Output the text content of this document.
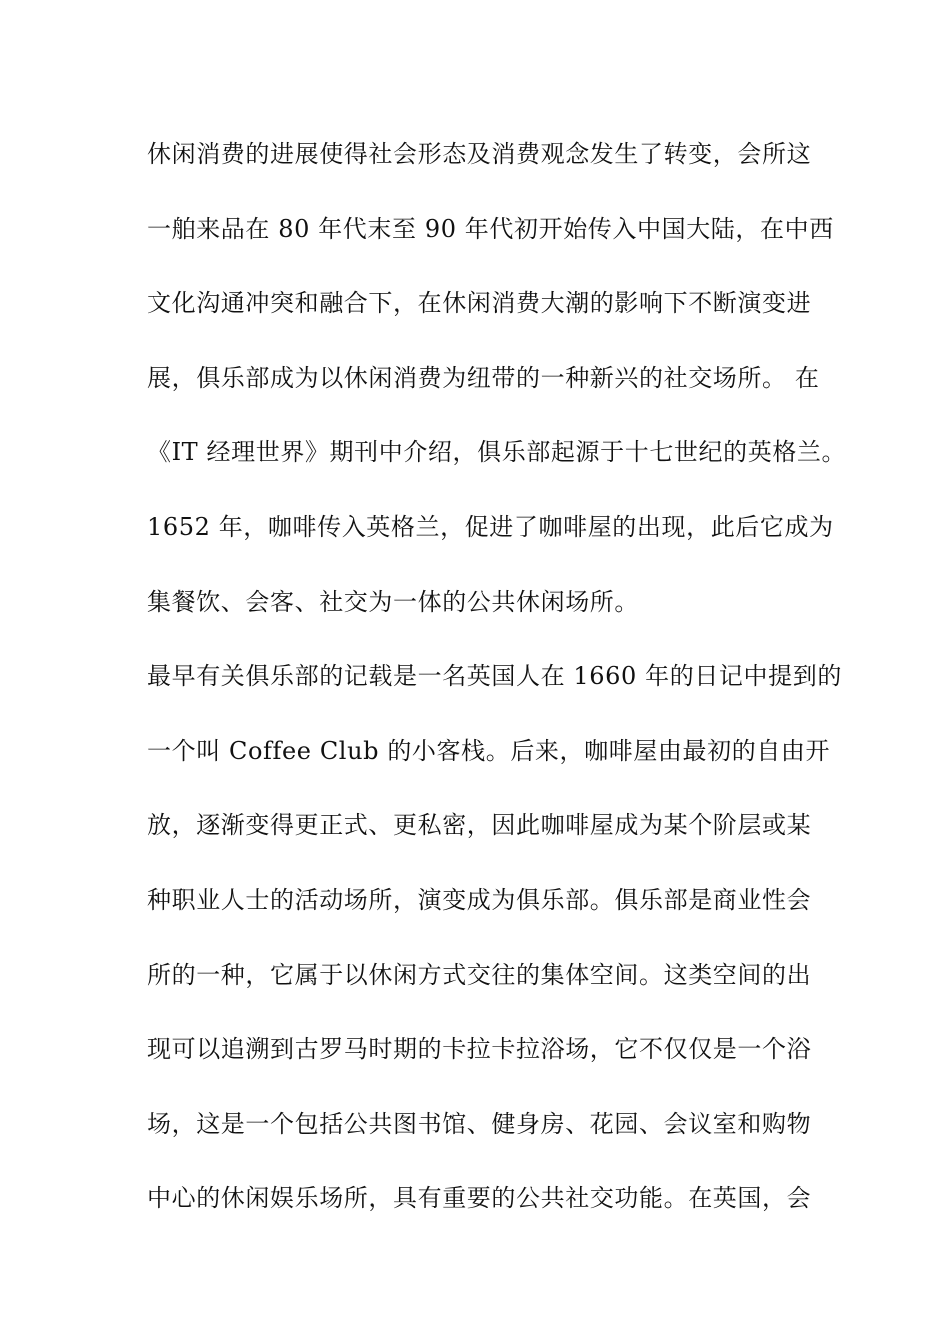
休闲消费的进展使得社会形态及消费观念发生了转变，会所这
一舶来品在 80 年代末至 90 年代初开始传入中国大陆，在中西
文化沟通冲突和融合下，在休闲消费大潮的影响下不断演变进
展，俱乐部成为以休闲消费为纽带的一种新兴的社交场所。 在
《IT 经理世界》期刊中介绍，俱乐部起源于十七世纪的英格兰。
1652 年，咖啡传入英格兰，促进了咖啡屋的出现，此后它成为
集餐饮、会客、社交为一体的公共休闲场所。
最早有关俱乐部的记载是一名英国人在 1660 年的日记中提到的
一个叫 Coffee Club 的小客栈。后来，咖啡屋由最初的自由开
放，逐渐变得更正式、更私密，因此咖啡屋成为某个阶层或某
种职业人士的活动场所，演变成为俱乐部。俱乐部是商业性会
所的一种，它属于以休闲方式交往的集体空间。这类空间的出
现可以追溯到古罗马时期的卡拉卡拉浴场，它不仅仅是一个浴
场，这是一个包括公共图书馆、健身房、花园、会议室和购物
中心的休闲娱乐场所，具有重要的公共社交功能。在英国，会
